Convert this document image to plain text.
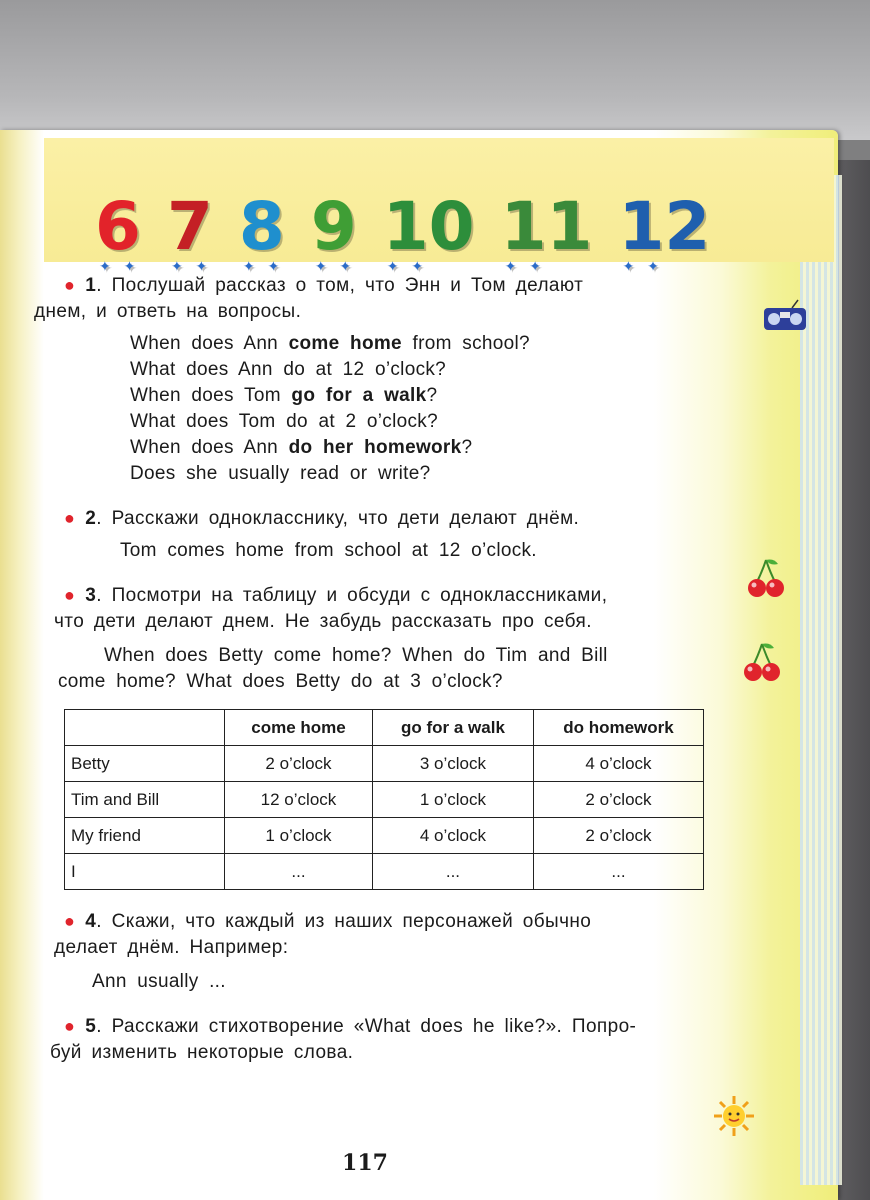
6 ✦ ✦ 7 ✦ ✦ 8 ✦ ✦ 9 ✦ ✦ 10 ✦ ✦ 11 ✦ ✦ 12 ✦ ✦
● 1. Послушай рассказ о том, что Энн и Том делают
днем, и ответь на вопросы.
When does Ann come home from school?
What does Ann do at 12 o’clock?
When does Tom go for a walk?
What does Tom do at 2 o’clock?
When does Ann do her homework?
Does she usually read or write?
● 2. Расскажи однокласснику, что дети делают днём.
Tom comes home from school at 12 o’clock.
● 3. Посмотри на таблицу и обсуди с одноклассниками,
что дети делают днем. Не забудь рассказать про себя.
When does Betty come home? When do Tim and Bill
come home? What does Betty do at 3 o’clock?
	come home	go for a walk	do homework
Betty	2 o’clock	3 o’clock	4 o’clock
Tim and Bill	12 o’clock	1 o’clock	2 o’clock
My friend	1 o’clock	4 o’clock	2 o’clock
I	...	...	...
● 4. Скажи, что каждый из наших персонажей обычно
делает днём. Например:
Ann usually ...
● 5. Расскажи стихотворение «What does he like?». Попро-
буй изменить некоторые слова.
117
